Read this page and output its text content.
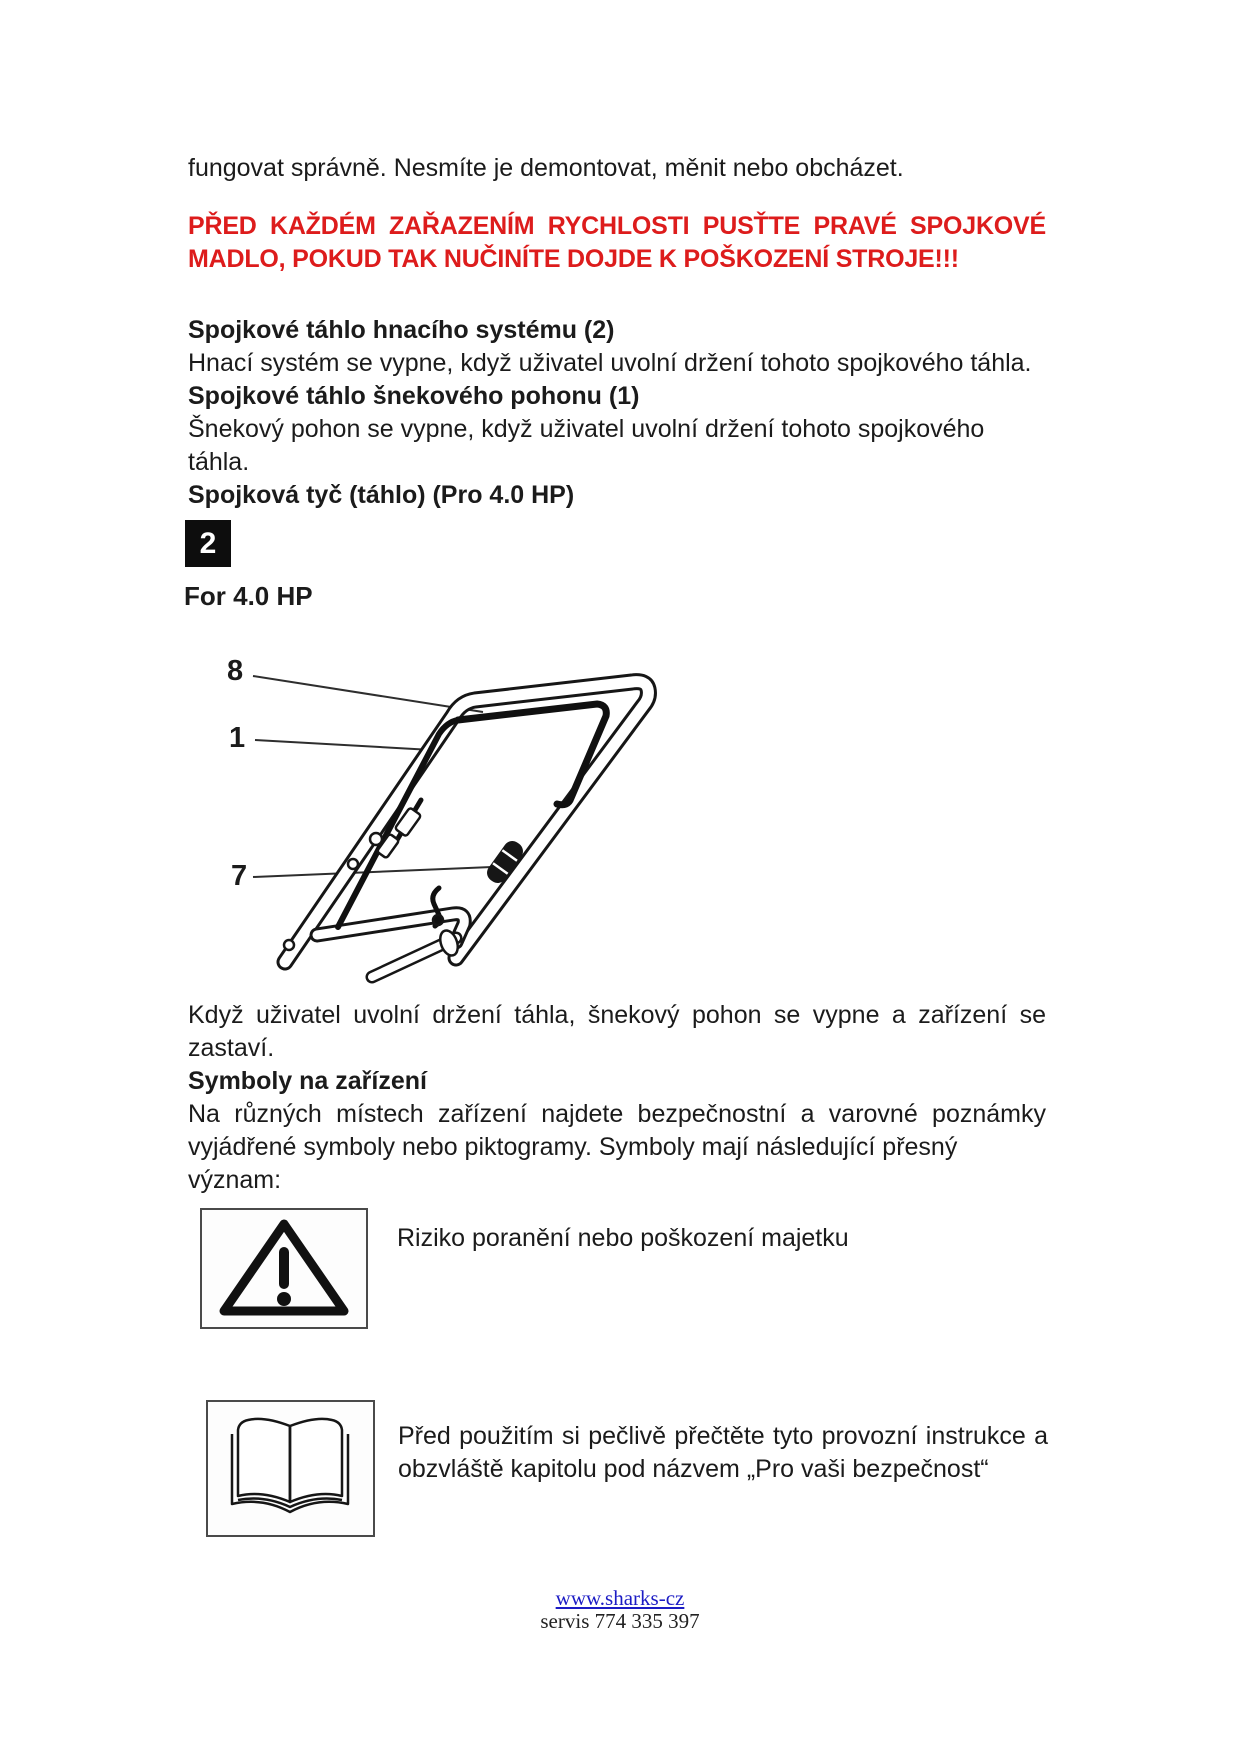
fungovat správně. Nesmíte je demontovat, měnit nebo obcházet.
PŘED KAŽDÉM ZAŘAZENÍM RYCHLOSTI PUSŤTE PRAVÉ SPOJKOVÉ
MADLO, POKUD TAK NUČINÍTE DOJDE K POŠKOZENÍ STROJE!!!
Spojkové táhlo hnacího systému (2)
Hnací systém se vypne, když uživatel uvolní držení tohoto spojkového táhla.
Spojkové táhlo šnekového pohonu (1)
Šnekový pohon se vypne, když uživatel uvolní držení tohoto spojkového táhla.
Spojková tyč (táhlo) (Pro 4.0 HP)
2
For 4.0 HP
8
1
7
Když uživatel uvolní držení táhla, šnekový pohon se vypne a zařízení se
zastaví.
Symboly na zařízení
Na různých místech zařízení najdete bezpečnostní a varovné poznámky
vyjádřené symboly nebo piktogramy. Symboly mají následující přesný význam:
Riziko poranění nebo poškození majetku
Před použitím si pečlivě přečtěte tyto provozní instrukce a
obzvláště kapitolu pod názvem „Pro vaši bezpečnost“
www.sharks-cz
servis 774 335 397
